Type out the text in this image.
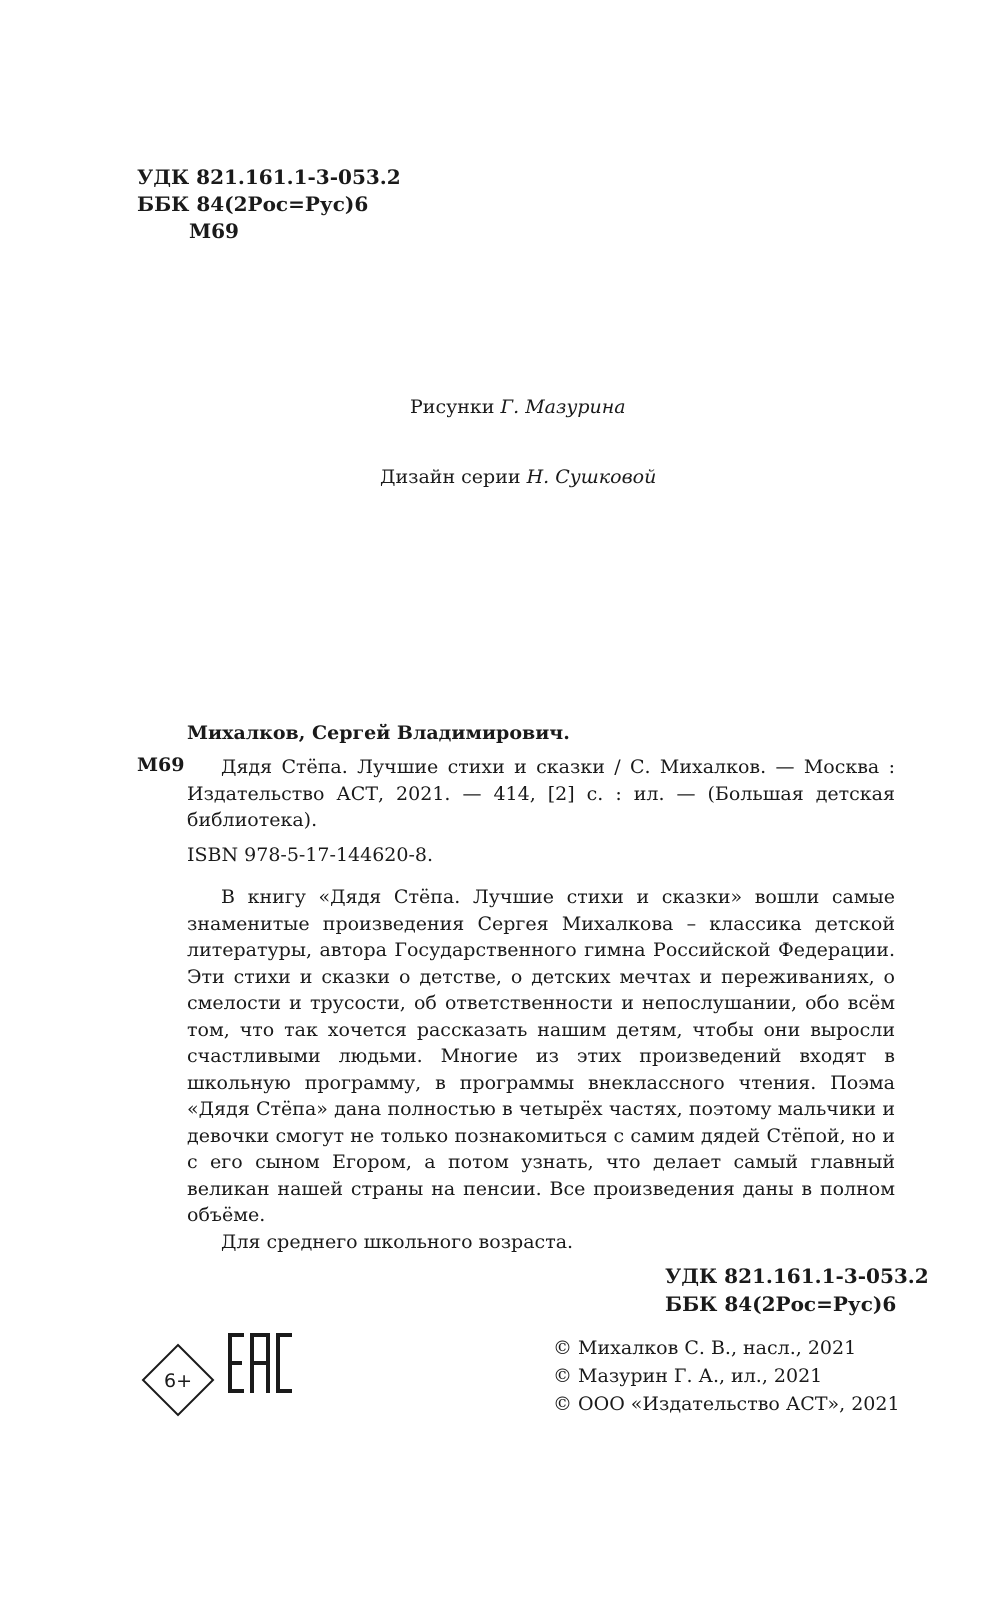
УДК 821.161.1-3-053.2
ББК 84(2Рос=Рус)6
М69
Рисунки Г. Мазурина
Дизайн серии Н. Сушковой
Михалков, Сергей Владимирович.
М69	Дядя Стёпа. Лучшие стихи и сказки / С. Михалков. — Москва : Издательство АСТ, 2021. — 414, [2] с. : ил. — (Большая детская библиотека).

ISBN 978-5-17-144620-8.

В книгу «Дядя Стёпа. Лучшие стихи и сказки» вошли самые знаменитые произведения Сергея Михалкова – классика детской литературы, автора Государственного гимна Российской Федерации. Эти стихи и сказки о детстве, о детских мечтах и переживаниях, о смелости и трусости, об ответственности и непослушании, обо всём том, что так хочется рассказать нашим детям, чтобы они выросли счастливыми людьми. Многие из этих произведений входят в школьную программу, в программы внеклассного чтения. Поэма «Дядя Стёпа» дана полностью в четырёх частях, поэтому мальчики и девочки смогут не только познакомиться с самим дядей Стёпой, но и с его сыном Егором, а потом узнать, что делает самый главный великан нашей страны на пенсии. Все произведения даны в полном объёме.

Для среднего школьного возраста.

УДК 821.161.1-3-053.2
ББК 84(2Рос=Рус)6
6+
© Михалков С. В., насл., 2021
© Мазурин Г. А., ил., 2021
© ООО «Издательство АСТ», 2021
